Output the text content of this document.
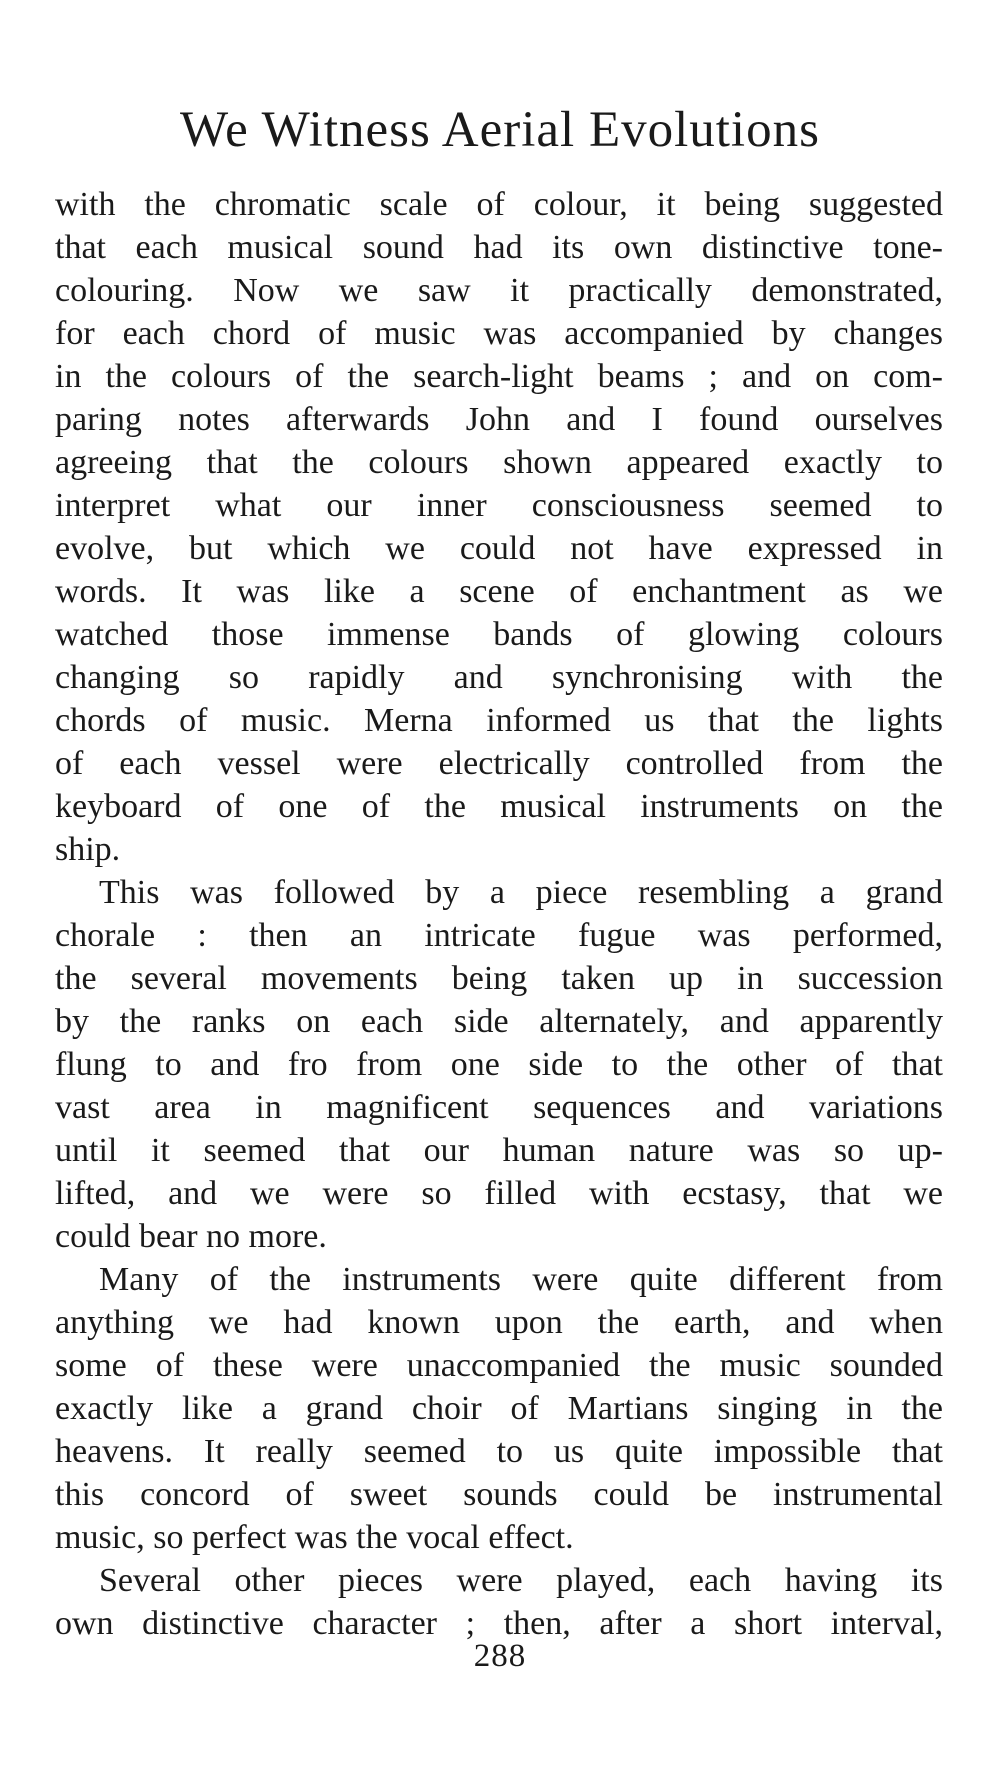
We Witness Aerial Evolutions
with the chromatic scale of colour, it being suggested
that each musical sound had its own distinctive tone-
colouring. Now we saw it practically demonstrated,
for each chord of music was accompanied by changes
in the colours of the search-light beams ; and on com-
paring notes afterwards John and I found ourselves
agreeing that the colours shown appeared exactly to
interpret what our inner consciousness seemed to
evolve, but which we could not have expressed in
words. It was like a scene of enchantment as we
watched those immense bands of glowing colours
changing so rapidly and synchronising with the
chords of music. Merna informed us that the lights
of each vessel were electrically controlled from the
keyboard of one of the musical instruments on the
ship.
This was followed by a piece resembling a grand
chorale : then an intricate fugue was performed,
the several movements being taken up in succession
by the ranks on each side alternately, and apparently
flung to and fro from one side to the other of that
vast area in magnificent sequences and variations
until it seemed that our human nature was so up-
lifted, and we were so filled with ecstasy, that we
could bear no more.
Many of the instruments were quite different from
anything we had known upon the earth, and when
some of these were unaccompanied the music sounded
exactly like a grand choir of Martians singing in the
heavens. It really seemed to us quite impossible that
this concord of sweet sounds could be instrumental
music, so perfect was the vocal effect.
Several other pieces were played, each having its
own distinctive character ; then, after a short interval,
288
